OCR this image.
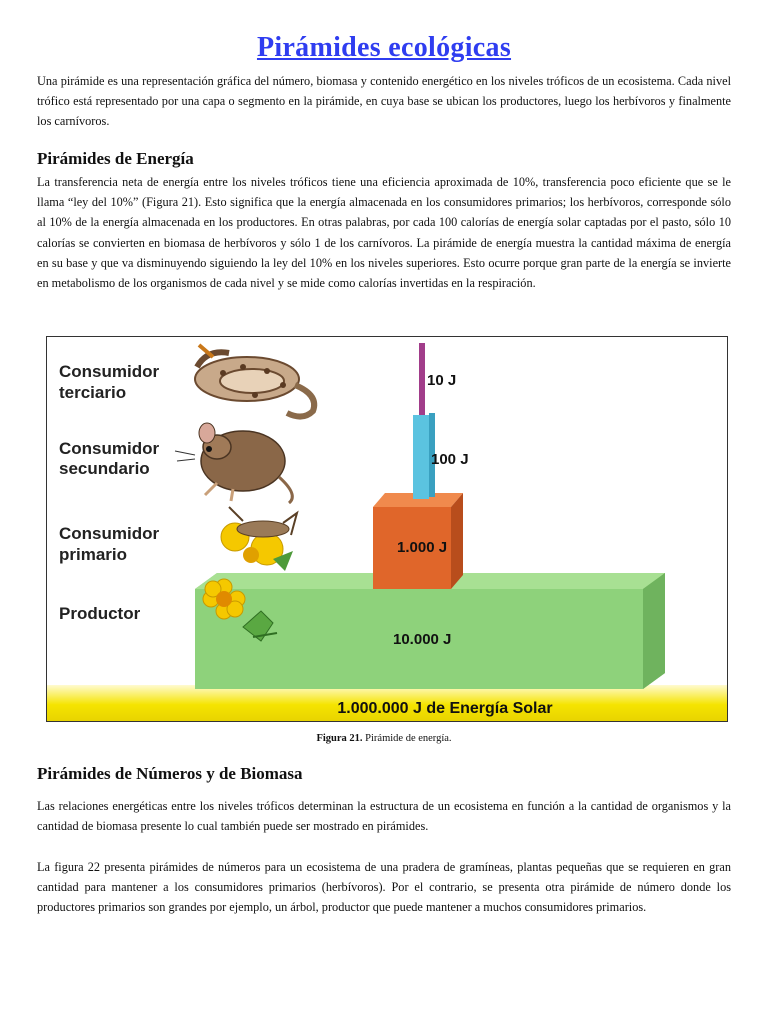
Pirámides ecológicas

Una pirámide es una representación gráfica del número, biomasa y contenido energético en los niveles tróficos de un ecosistema. Cada nivel trófico está representado por una capa o segmento en la pirámide, en cuya base se ubican los productores, luego los herbívoros y finalmente los carnívoros.

Pirámides de Energía

La transferencia neta de energía entre los niveles tróficos tiene una eficiencia aproximada de 10%, transferencia poco eficiente que se le llama “ley del 10%” (Figura 21). Esto significa que la energía almacenada en los consumidores primarios; los herbívoros, corresponde sólo al 10% de la energía almacenada en los productores. En otras palabras, por cada 100 calorías de energía solar captadas por el pasto, sólo 10 calorías se convierten en biomasa de herbívoros y sólo 1 de los carnívoros. La pirámide de energía muestra la cantidad máxima de energía en su base y que va disminuyendo siguiendo la ley del 10% en los niveles superiores. Esto ocurre porque gran parte de la energía se invierte en metabolismo de los organismos de cada nivel y se mide como calorías invertidas en la respiración.

1.000.000 J de Energía Solar
10 J
100 J
1.000 J
10.000 J
Consumidor
terciario
Consumidor
secundario
Consumidor
primario
Productor
Figura 21. Pirámide de energía.
Pirámides de Números y de Biomasa

Las relaciones energéticas entre los niveles tróficos determinan la estructura de un ecosistema en función a la cantidad de organismos y la cantidad de biomasa presente lo cual también puede ser mostrado en pirámides.

La figura 22 presenta pirámides de números para un ecosistema de una pradera de gramíneas, plantas pequeñas que se requieren en gran cantidad para mantener a los consumidores primarios (herbívoros). Por el contrario, se presenta otra pirámide de número donde los productores primarios son grandes por ejemplo, un árbol, productor que puede mantener a muchos consumidores primarios.
